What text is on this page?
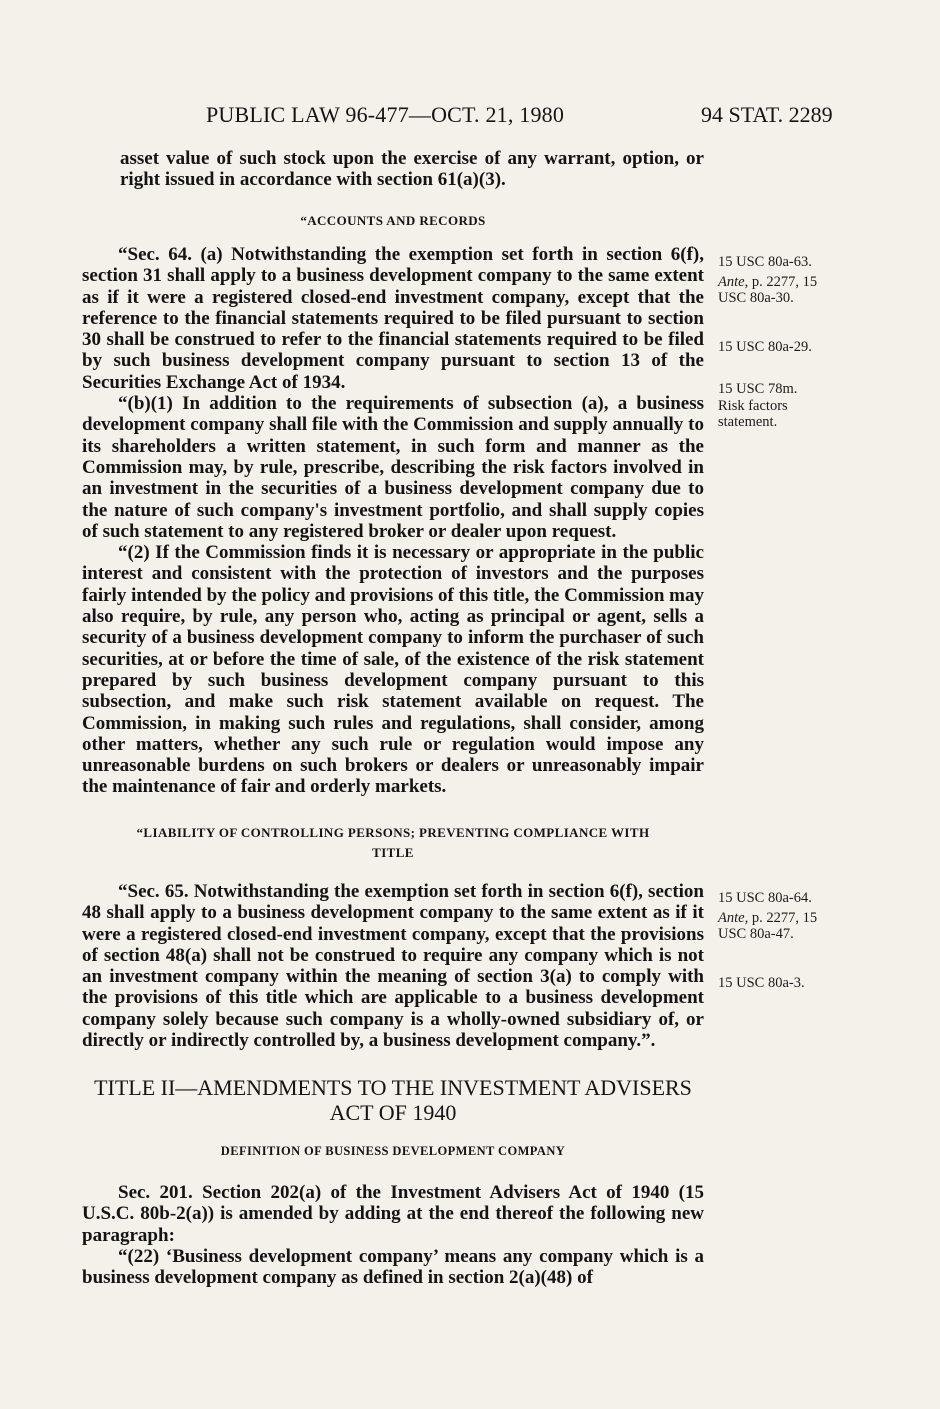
PUBLIC LAW 96-477—OCT. 21, 1980	94 STAT. 2289

asset value of such stock upon the exercise of any warrant, option, or right issued in accordance with section 61(a)(3).

“ACCOUNTS AND RECORDS

“Sec. 64. (a) Notwithstanding the exemption set forth in section 6(f), section 31 shall apply to a business development company to the same extent as if it were a registered closed-end investment company, except that the reference to the financial statements required to be filed pursuant to section 30 shall be construed to refer to the financial statements required to be filed by such business development company pursuant to section 13 of the Securities Exchange Act of 1934.

“(b)(1) In addition to the requirements of subsection (a), a business development company shall file with the Commission and supply annually to its shareholders a written statement, in such form and manner as the Commission may, by rule, prescribe, describing the risk factors involved in an investment in the securities of a business development company due to the nature of such company's investment portfolio, and shall supply copies of such statement to any registered broker or dealer upon request.

“(2) If the Commission finds it is necessary or appropriate in the public interest and consistent with the protection of investors and the purposes fairly intended by the policy and provisions of this title, the Commission may also require, by rule, any person who, acting as principal or agent, sells a security of a business development company to inform the purchaser of such securities, at or before the time of sale, of the existence of the risk statement prepared by such business development company pursuant to this subsection, and make such risk statement available on request. The Commission, in making such rules and regulations, shall consider, among other matters, whether any such rule or regulation would impose any unreasonable burdens on such brokers or dealers or unreasonably impair the maintenance of fair and orderly markets.

“LIABILITY OF CONTROLLING PERSONS; PREVENTING COMPLIANCE WITH
TITLE

“Sec. 65. Notwithstanding the exemption set forth in section 6(f), section 48 shall apply to a business development company to the same extent as if it were a registered closed-end investment company, except that the provisions of section 48(a) shall not be construed to require any company which is not an investment company within the meaning of section 3(a) to comply with the provisions of this title which are applicable to a business development company solely because such company is a wholly-owned subsidiary of, or directly or indirectly controlled by, a business development company.”.

TITLE II—AMENDMENTS TO THE INVESTMENT ADVISERS
ACT OF 1940
DEFINITION OF BUSINESS DEVELOPMENT COMPANY

Sec. 201. Section 202(a) of the Investment Advisers Act of 1940 (15 U.S.C. 80b-2(a)) is amended by adding at the end thereof the following new paragraph:

“(22) ‘Business development company’ means any company which is a business development company as defined in section 2(a)(48) of

15 USC 80a-63.
Ante, p. 2277, 15
USC 80a-30.
15 USC 80a-29.
15 USC 78m.
Risk factors
statement.
15 USC 80a-64.
Ante, p. 2277, 15
USC 80a-47.
15 USC 80a-3.
